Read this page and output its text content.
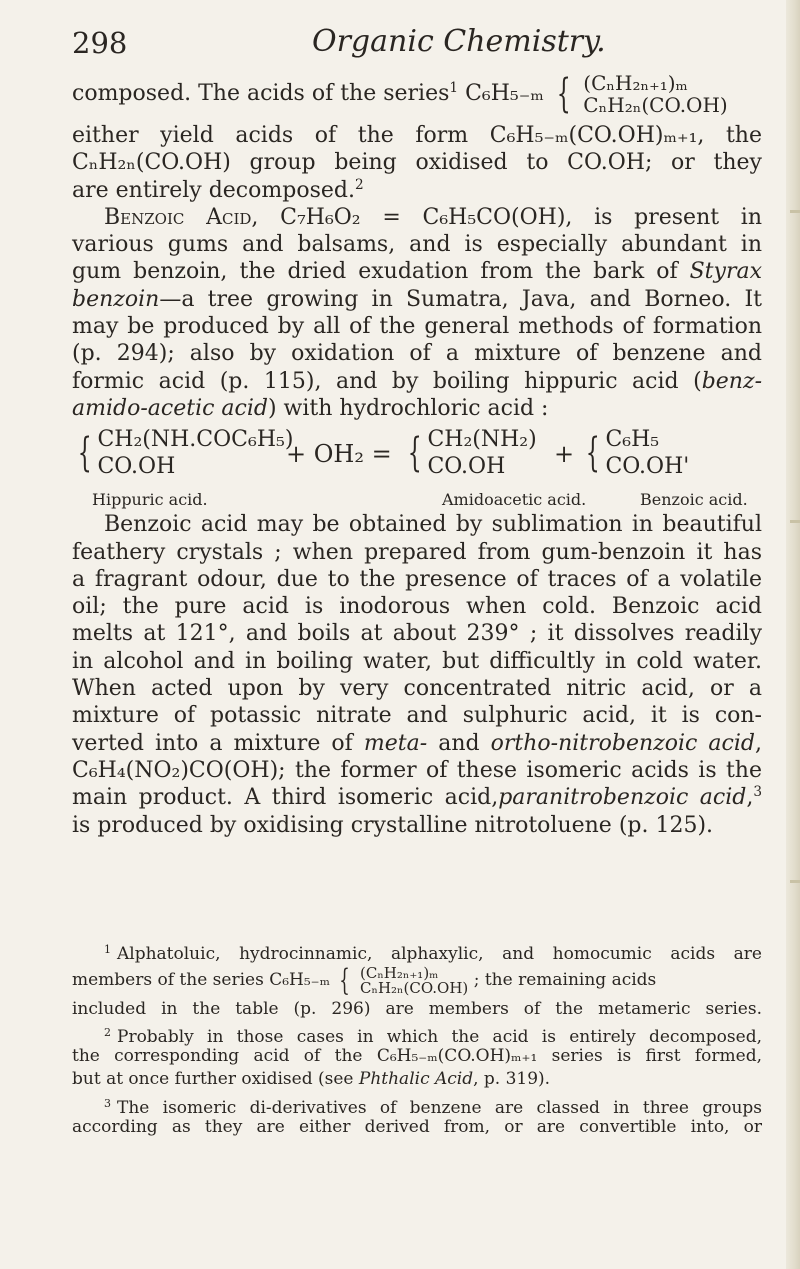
298	Organic Chemistry.
composed. The acids of the series$^1$ C₆H₅₋ₘ { (CₙH₂ₙ₊₁)ₘ
CₙH₂ₙ(CO.OH)
either yield acids of the form C₆H₅₋ₘ(CO.OH)ₘ₊₁, the
CₙH₂ₙ(CO.OH) group being oxidised to CO.OH; or they
are entirely decomposed.$^2$
Benzoic Acid, C₇H₆O₂ = C₆H₅CO(OH), is present in
various gums and balsams, and is especially abundant in
gum benzoin, the dried exudation from the bark of Styrax
benzoin—a tree growing in Sumatra, Java, and Borneo. It
may be produced by all of the general methods of formation
(p. 294); also by oxidation of a mixture of benzene and
formic acid (p. 115), and by boiling hippuric acid (benz-
amido-acetic acid) with hydrochloric acid :
{ CH₂(NH.COC₆H₅)
CO.OH	+ OH₂ = { CH₂(NH₂)
CO.OH	+ { C₆H₅
CO.OH'
Hippuric acid.	Amidoacetic acid.	Benzoic acid.
Benzoic acid may be obtained by sublimation in beautiful
feathery crystals ; when prepared from gum-benzoin it has
a fragrant odour, due to the presence of traces of a volatile
oil; the pure acid is inodorous when cold. Benzoic acid
melts at 121°, and boils at about 239° ; it dissolves readily
in alcohol and in boiling water, but difficultly in cold water.
When acted upon by very concentrated nitric acid, or a
mixture of potassic nitrate and sulphuric acid, it is con-
verted into a mixture of meta- and ortho-nitrobenzoic acid,
C₆H₄(NO₂)CO(OH); the former of these isomeric acids is the
main product. A third isomeric acid,paranitrobenzoic acid,$^3$
is produced by oxidising crystalline nitrotoluene (p. 125).
$^1$ Alphatoluic, hydrocinnamic, alphaxylic, and homocumic acids are
members of the series C₆H₅₋ₘ { (CₙH₂ₙ₊₁)ₘ
CₙH₂ₙ(CO.OH) ; the remaining acids
included in the table (p. 296) are members of the metameric series.
$^2$ Probably in those cases in which the acid is entirely decomposed,
the corresponding acid of the C₆H₅₋ₘ(CO.OH)ₘ₊₁ series is first formed,
but at once further oxidised (see Phthalic Acid, p. 319).
$^3$ The isomeric di-derivatives of benzene are classed in three groups
according as they are either derived from, or are convertible into, or
